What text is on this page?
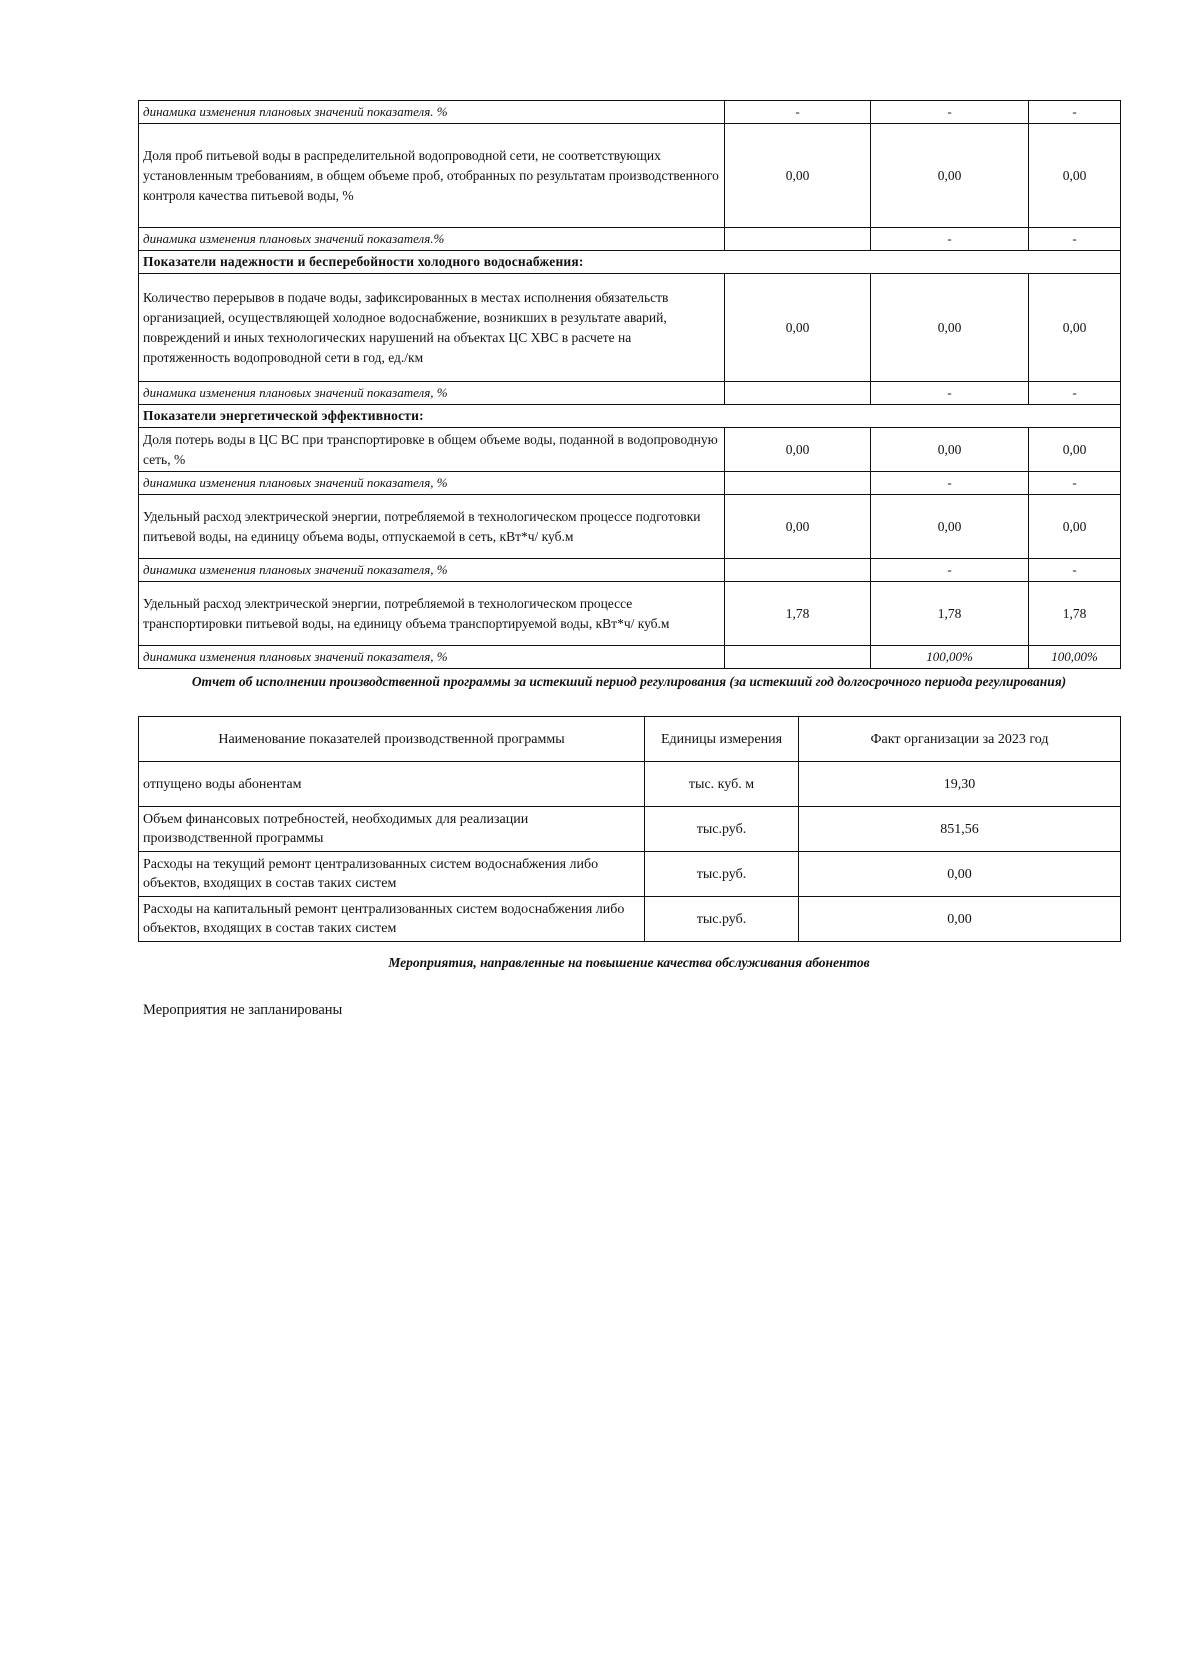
динамика изменения плановых значений показателя. %	-	-	-
Доля проб питьевой воды в распределительной водопроводной сети, не соответствующих установленным требованиям, в общем объеме проб, отобранных по результатам производственного контроля качества питьевой воды, %	0,00	0,00	0,00
динамика изменения плановых значений показателя.%		-	-
Показатели надежности и бесперебойности холодного водоснабжения:			
Количество перерывов в подаче воды, зафиксированных в местах исполнения обязательств организацией, осуществляющей холодное водоснабжение, возникших в результате аварий, повреждений и иных технологических нарушений на объектах ЦС ХВС в расчете на протяженность водопроводной сети в год, ед./км	0,00	0,00	0,00
динамика изменения плановых значений показателя, %		-	-
Показатели энергетической эффективности:			
Доля потерь воды в ЦС ВС при транспортировке в общем объеме воды, поданной в водопроводную сеть, %	0,00	0,00	0,00
динамика изменения плановых значений показателя, %		-	-
Удельный расход электрической энергии, потребляемой в технологическом процессе подготовки питьевой воды, на единицу объема воды, отпускаемой в сеть, кВт*ч/ куб.м	0,00	0,00	0,00
динамика изменения плановых значений показателя, %		-	-
Удельный расход электрической энергии, потребляемой в технологическом процессе транспортировки питьевой воды, на единицу объема транспортируемой воды, кВт*ч/ куб.м	1,78	1,78	1,78
динамика изменения плановых значений показателя, %		100,00%	100,00%
Отчет об исполнении производственной программы за истекший период регулирования (за истекший год долгосрочного периода регулирования)
Наименование показателей производственной программы	Единицы измерения	Факт организации за 2023 год
отпущено воды абонентам	тыс. куб. м	19,30
Объем финансовых потребностей, необходимых для реализации производственной программы	тыс.руб.	851,56
Расходы на текущий ремонт централизованных систем водоснабжения либо объектов, входящих в состав таких систем	тыс.руб.	0,00
Расходы на капитальный ремонт централизованных систем водоснабжения либо объектов, входящих в состав таких систем	тыс.руб.	0,00
Мероприятия, направленные на повышение качества обслуживания абонентов
Мероприятия не запланированы
